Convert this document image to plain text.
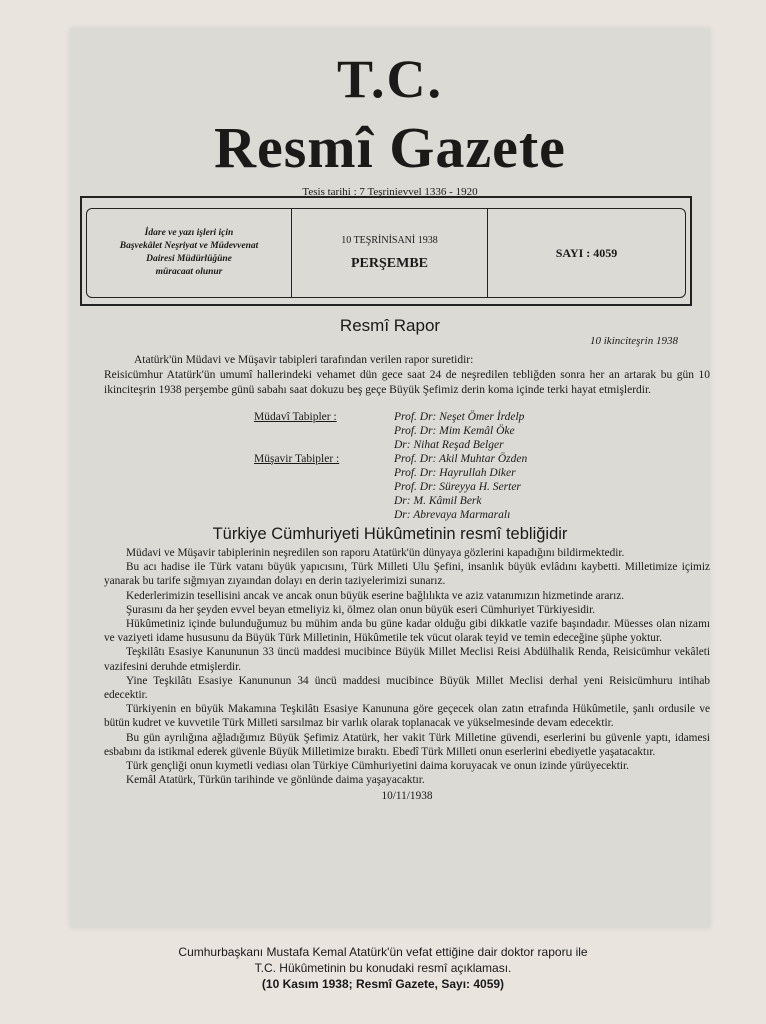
T.C.
Resmî Gazete
Tesis tarihi : 7 Teşrinievvel 1336 - 1920
İdare ve yazı işleri için
Başvekâlet Neşriyat ve Müdevvenat
Dairesi Müdürlüğüne
müracaat olunur
10 TEŞRİNİSANİ 1938
PERŞEMBE
SAYI : 4059
Resmî Rapor
10 ikinciteşrin 1938
Atatürk'ün Müdavi ve Müşavir tabipleri tarafından verilen rapor suretidir:
Reisicümhur Atatürk'ün umumî hallerindeki vehamet dün gece saat 24 de neşredilen tebliğden sonra her an artarak bu gün 10 ikinciteşrin 1938 perşembe günü sabahı saat dokuzu beş geçe Büyük Şefimiz derin koma içinde terki hayat etmişlerdir.
Müdavî Tabipler :	Prof. Dr: Neşet Ömer İrdelp
Prof. Dr: Mim Kemâl Öke
Dr: Nihat Reşad Belger
Müşavir Tabipler :	Prof. Dr: Akil Muhtar Özden
Prof. Dr: Hayrullah Diker
Prof. Dr: Süreyya H. Serter
Dr: M. Kâmil Berk
Dr: Abrevaya Marmaralı
Türkiye Cümhuriyeti Hükûmetinin resmî tebliğidir

Müdavi ve Müşavir tabiplerinin neşredilen son raporu Atatürk'ün dünyaya gözlerini kapadığını bildirmektedir.

Bu acı hadise ile Türk vatanı büyük yapıcısını, Türk Milleti Ulu Şefini, insanlık büyük evlâdını kaybetti. Milletimize içimiz yanarak bu tarife sığmıyan zıyaından dolayı en derin taziyelerimizi sunarız.

Kederlerimizin tesellisini ancak ve ancak onun büyük eserine bağlılıkta ve aziz vatanımızın hizmetinde ararız.

Şurasını da her şeyden evvel beyan etmeliyiz ki, ölmez olan onun büyük eseri Cümhuriyet Türkiyesidir.

Hükûmetiniz içinde bulunduğumuz bu mühim anda bu güne kadar olduğu gibi dikkatle vazife başındadır. Müesses olan nizamı ve vaziyeti idame hususunu da Büyük Türk Milletinin, Hükûmetile tek vücut olarak teyid ve temin edeceğine şüphe yoktur.

Teşkilâtı Esasiye Kanununun 33 üncü maddesi mucibince Büyük Millet Meclisi Reisi Abdülhalik Renda, Reisicümhur vekâleti vazifesini deruhde etmişlerdir.

Yine Teşkilâtı Esasiye Kanununun 34 üncü maddesi mucibince Büyük Millet Meclisi derhal yeni Reisicümhuru intihab edecektir.

Türkiyenin en büyük Makamına Teşkilâtı Esasiye Kanununa göre geçecek olan zatın etrafında Hükûmetile, şanlı ordusile ve bütün kudret ve kuvvetile Türk Milleti sarsılmaz bir varlık olarak toplanacak ve yükselmesinde devam edecektir.

Bu gün ayrılığına ağladığımız Büyük Şefimiz Atatürk, her vakit Türk Milletine güvendi, eserlerini bu güvenle yaptı, idamesi esbabını da istikmal ederek güvenle Büyük Milletimize bıraktı. Ebedî Türk Milleti onun eserlerini ebediyetle yaşatacaktır.

Türk gençliği onun kıymetli vediası olan Türkiye Cümhuriyetini daima koruyacak ve onun izinde yürüyecektir.

Kemâl Atatürk, Türkün tarihinde ve gönlünde daima yaşayacaktır.

10/11/1938

Cumhurbaşkanı Mustafa Kemal Atatürk'ün vefat ettiğine dair doktor raporu ile
T.C. Hükûmetinin bu konudaki resmî açıklaması.
(10 Kasım 1938; Resmî Gazete, Sayı: 4059)
